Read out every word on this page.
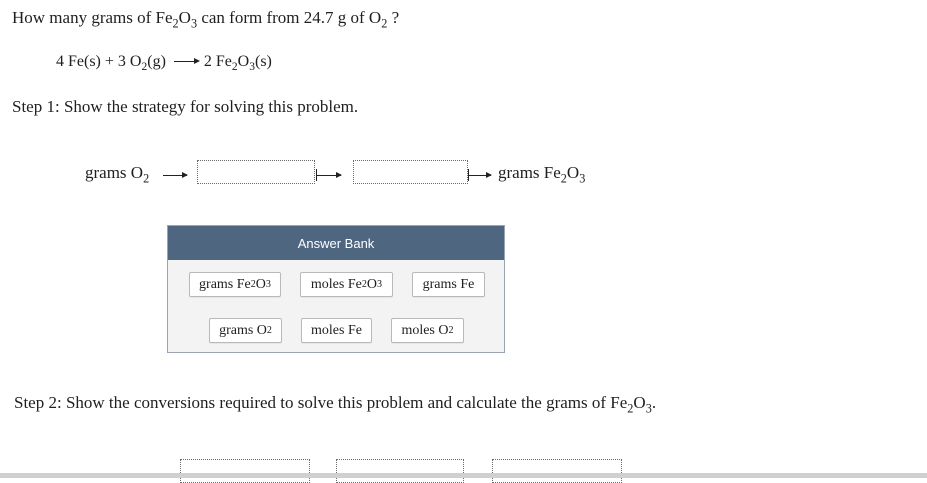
How many grams of $Fe_2O_3$ can form from 24.7 g of $O_2$ ?
4 Fe(s) + 3 $O_2(g)$ 2 $Fe_2O_3(s)$
Step 1: Show the strategy for solving this problem.
grams $O_2$	grams $Fe_2O_3$
Answer Bank
grams Fe 2 O 3	moles Fe 2 O 3	grams Fe
grams O 2	moles Fe	moles O 2
Step 2: Show the conversions required to solve this problem and calculate the grams of $Fe_2O_3$.
